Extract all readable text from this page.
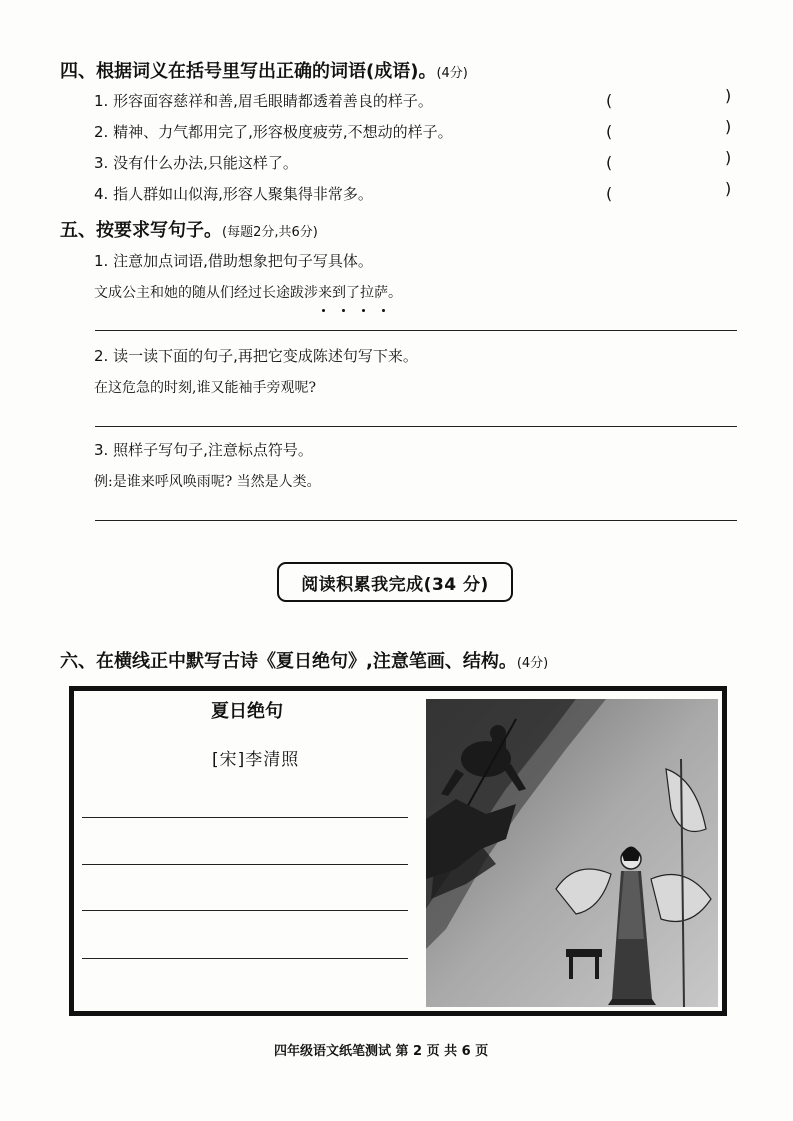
四、根据词义在括号里写出正确的词语(成语)。(4分)
1. 形容面容慈祥和善,眉毛眼睛都透着善良的样子。	(	)
2. 精神、力气都用完了,形容极度疲劳,不想动的样子。	(	)
3. 没有什么办法,只能这样了。	(	)
4. 指人群如山似海,形容人聚集得非常多。	(	)
五、按要求写句子。(每题2分,共6分)
1. 注意加点词语,借助想象把句子写具体。
文成公主和她的随从们经过长途跋涉来到了拉萨。
2. 读一读下面的句子,再把它变成陈述句写下来。
在这危急的时刻,谁又能袖手旁观呢?
3. 照样子写句子,注意标点符号。
例:是谁来呼风唤雨呢? 当然是人类。
阅读积累我完成(34 分)
六、在横线正中默写古诗《夏日绝句》,注意笔画、结构。(4分)
夏日绝句
[宋]李清照
四年级语文纸笔测试 第 2 页 共 6 页
